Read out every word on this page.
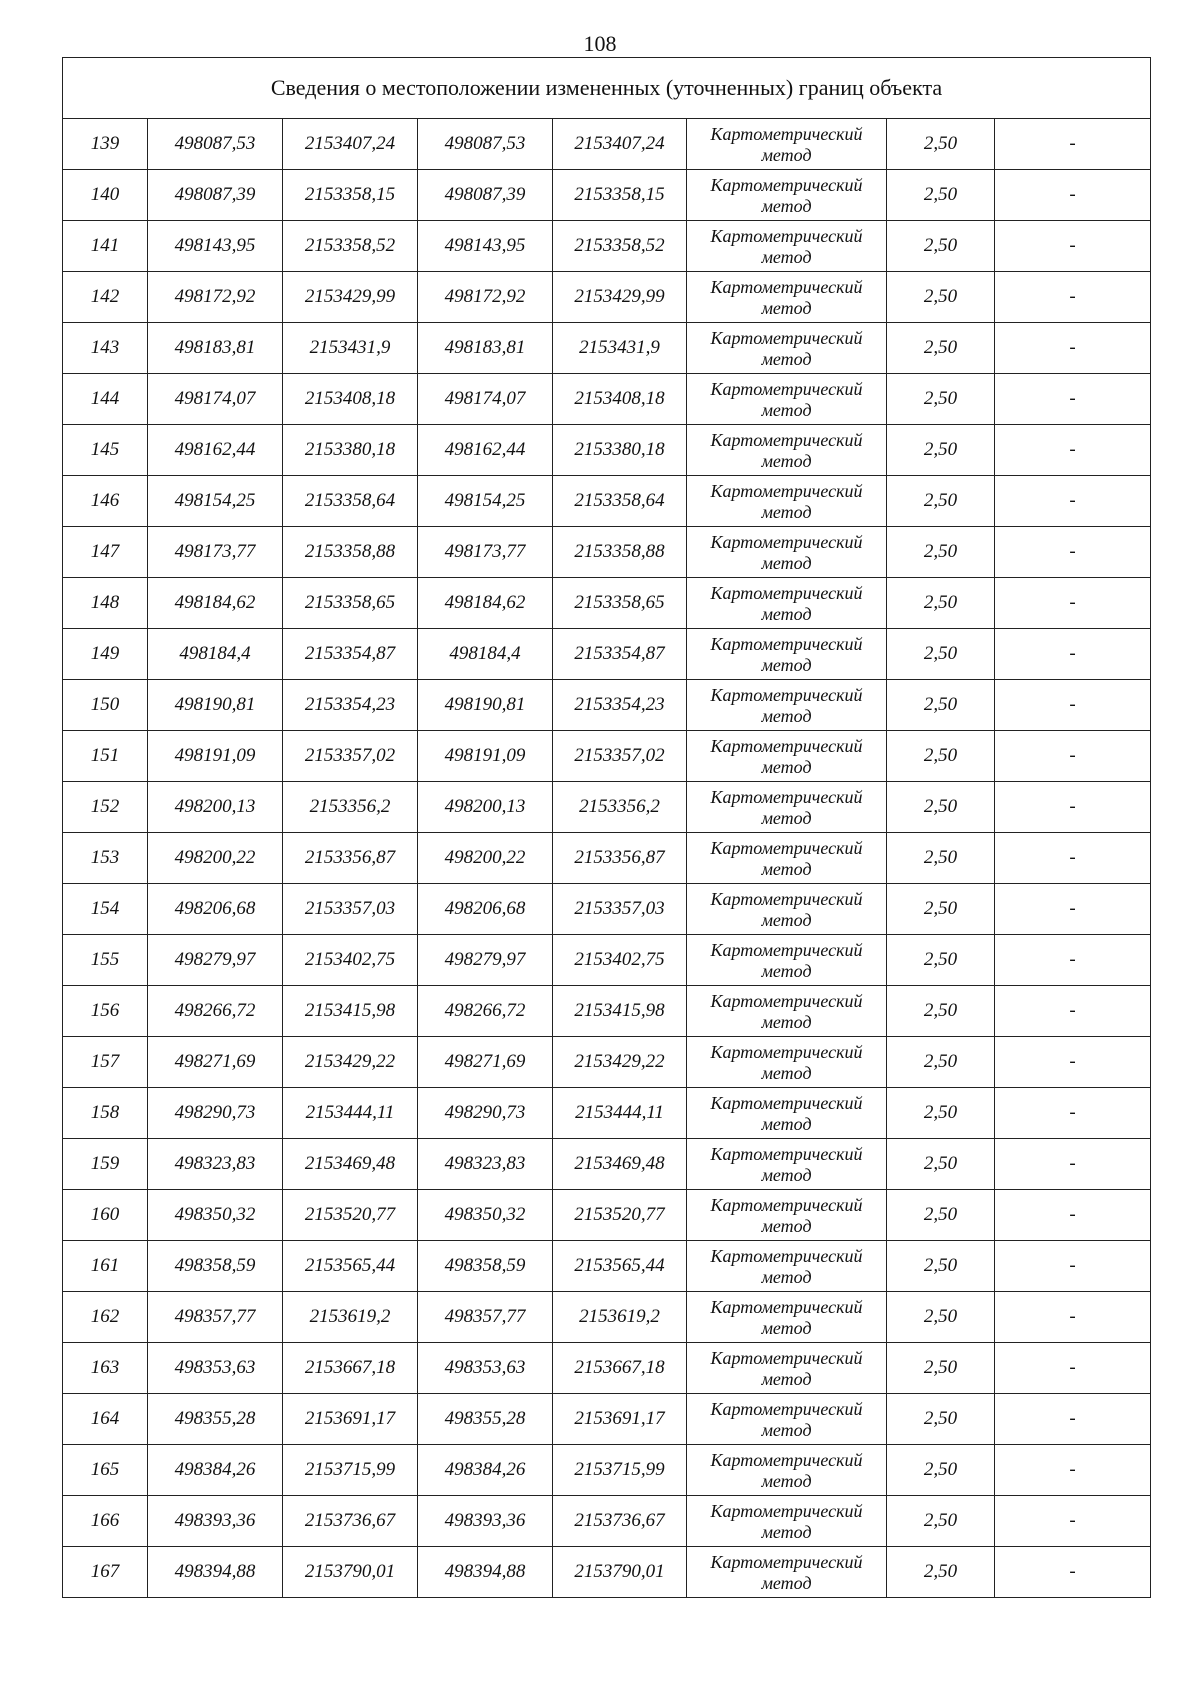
108
Сведения о местоположении измененных (уточненных) границ объекта							
139	498087,53	2153407,24	498087,53	2153407,24	Картометрический метод	2,50	-
140	498087,39	2153358,15	498087,39	2153358,15	Картометрический метод	2,50	-
141	498143,95	2153358,52	498143,95	2153358,52	Картометрический метод	2,50	-
142	498172,92	2153429,99	498172,92	2153429,99	Картометрический метод	2,50	-
143	498183,81	2153431,9	498183,81	2153431,9	Картометрический метод	2,50	-
144	498174,07	2153408,18	498174,07	2153408,18	Картометрический метод	2,50	-
145	498162,44	2153380,18	498162,44	2153380,18	Картометрический метод	2,50	-
146	498154,25	2153358,64	498154,25	2153358,64	Картометрический метод	2,50	-
147	498173,77	2153358,88	498173,77	2153358,88	Картометрический метод	2,50	-
148	498184,62	2153358,65	498184,62	2153358,65	Картометрический метод	2,50	-
149	498184,4	2153354,87	498184,4	2153354,87	Картометрический метод	2,50	-
150	498190,81	2153354,23	498190,81	2153354,23	Картометрический метод	2,50	-
151	498191,09	2153357,02	498191,09	2153357,02	Картометрический метод	2,50	-
152	498200,13	2153356,2	498200,13	2153356,2	Картометрический метод	2,50	-
153	498200,22	2153356,87	498200,22	2153356,87	Картометрический метод	2,50	-
154	498206,68	2153357,03	498206,68	2153357,03	Картометрический метод	2,50	-
155	498279,97	2153402,75	498279,97	2153402,75	Картометрический метод	2,50	-
156	498266,72	2153415,98	498266,72	2153415,98	Картометрический метод	2,50	-
157	498271,69	2153429,22	498271,69	2153429,22	Картометрический метод	2,50	-
158	498290,73	2153444,11	498290,73	2153444,11	Картометрический метод	2,50	-
159	498323,83	2153469,48	498323,83	2153469,48	Картометрический метод	2,50	-
160	498350,32	2153520,77	498350,32	2153520,77	Картометрический метод	2,50	-
161	498358,59	2153565,44	498358,59	2153565,44	Картометрический метод	2,50	-
162	498357,77	2153619,2	498357,77	2153619,2	Картометрический метод	2,50	-
163	498353,63	2153667,18	498353,63	2153667,18	Картометрический метод	2,50	-
164	498355,28	2153691,17	498355,28	2153691,17	Картометрический метод	2,50	-
165	498384,26	2153715,99	498384,26	2153715,99	Картометрический метод	2,50	-
166	498393,36	2153736,67	498393,36	2153736,67	Картометрический метод	2,50	-
167	498394,88	2153790,01	498394,88	2153790,01	Картометрический метод	2,50	-
